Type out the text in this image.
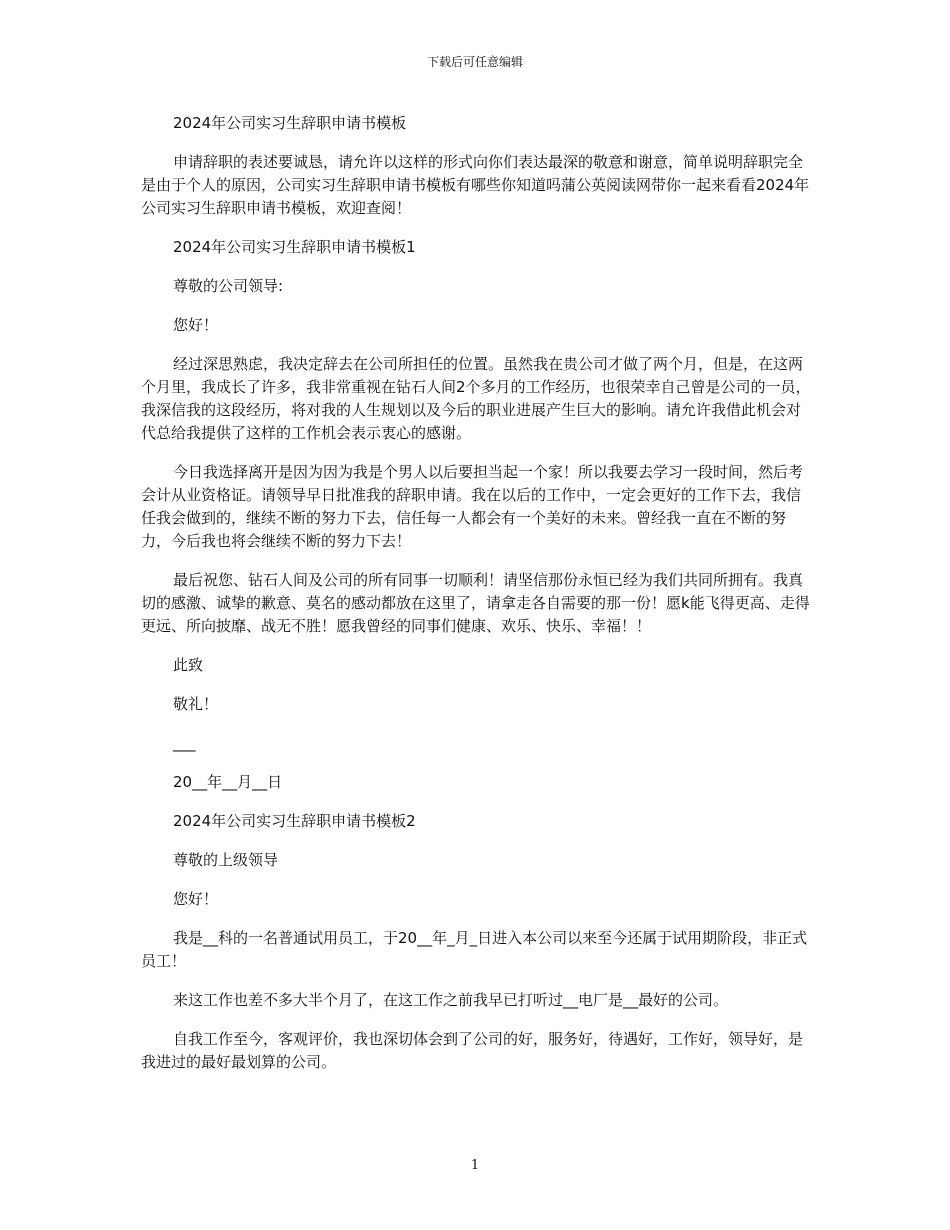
下载后可任意编辑

2024年公司实习生辞职申请书模板

申请辞职的表述要诚恳，请允许以这样的形式向你们表达最深的敬意和谢意，简单说明辞职完全是由于个人的原因，公司实习生辞职申请书模板有哪些你知道吗蒲公英阅读网带你一起来看看2024年公司实习生辞职申请书模板，欢迎查阅！

2024年公司实习生辞职申请书模板1

尊敬的公司领导:

您好！

经过深思熟虑，我决定辞去在公司所担任的位置。虽然我在贵公司才做了两个月，但是，在这两个月里，我成长了许多，我非常重视在钻石人间2个多月的工作经历，也很荣幸自己曾是公司的一员，我深信我的这段经历，将对我的人生规划以及今后的职业进展产生巨大的影响。请允许我借此机会对代总给我提供了这样的工作机会表示衷心的感谢。

今日我选择离开是因为因为我是个男人以后要担当起一个家！所以我要去学习一段时间，然后考会计从业资格证。请领导早日批准我的辞职申请。我在以后的工作中，一定会更好的工作下去，我信任我会做到的，继续不断的努力下去，信任每一人都会有一个美好的未来。曾经我一直在不断的努力，今后我也将会继续不断的努力下去！

最后祝您、钻石人间及公司的所有同事一切顺利！请坚信那份永恒已经为我们共同所拥有。我真切的感激、诚挚的歉意、莫名的感动都放在这里了，请拿走各自需要的那一份！愿k能飞得更高、走得更远、所向披靡、战无不胜！愿我曾经的同事们健康、欢乐、快乐、幸福！！

此致

敬礼！

___

20__年__月__日

2024年公司实习生辞职申请书模板2

尊敬的上级领导

您好！

我是__科的一名普通试用员工，于20__年_月_日进入本公司以来至今还属于试用期阶段，非正式员工！

来这工作也差不多大半个月了，在这工作之前我早已打听过__电厂是__最好的公司。

自我工作至今，客观评价，我也深切体会到了公司的好，服务好，待遇好，工作好，领导好，是我进过的最好最划算的公司。

1
